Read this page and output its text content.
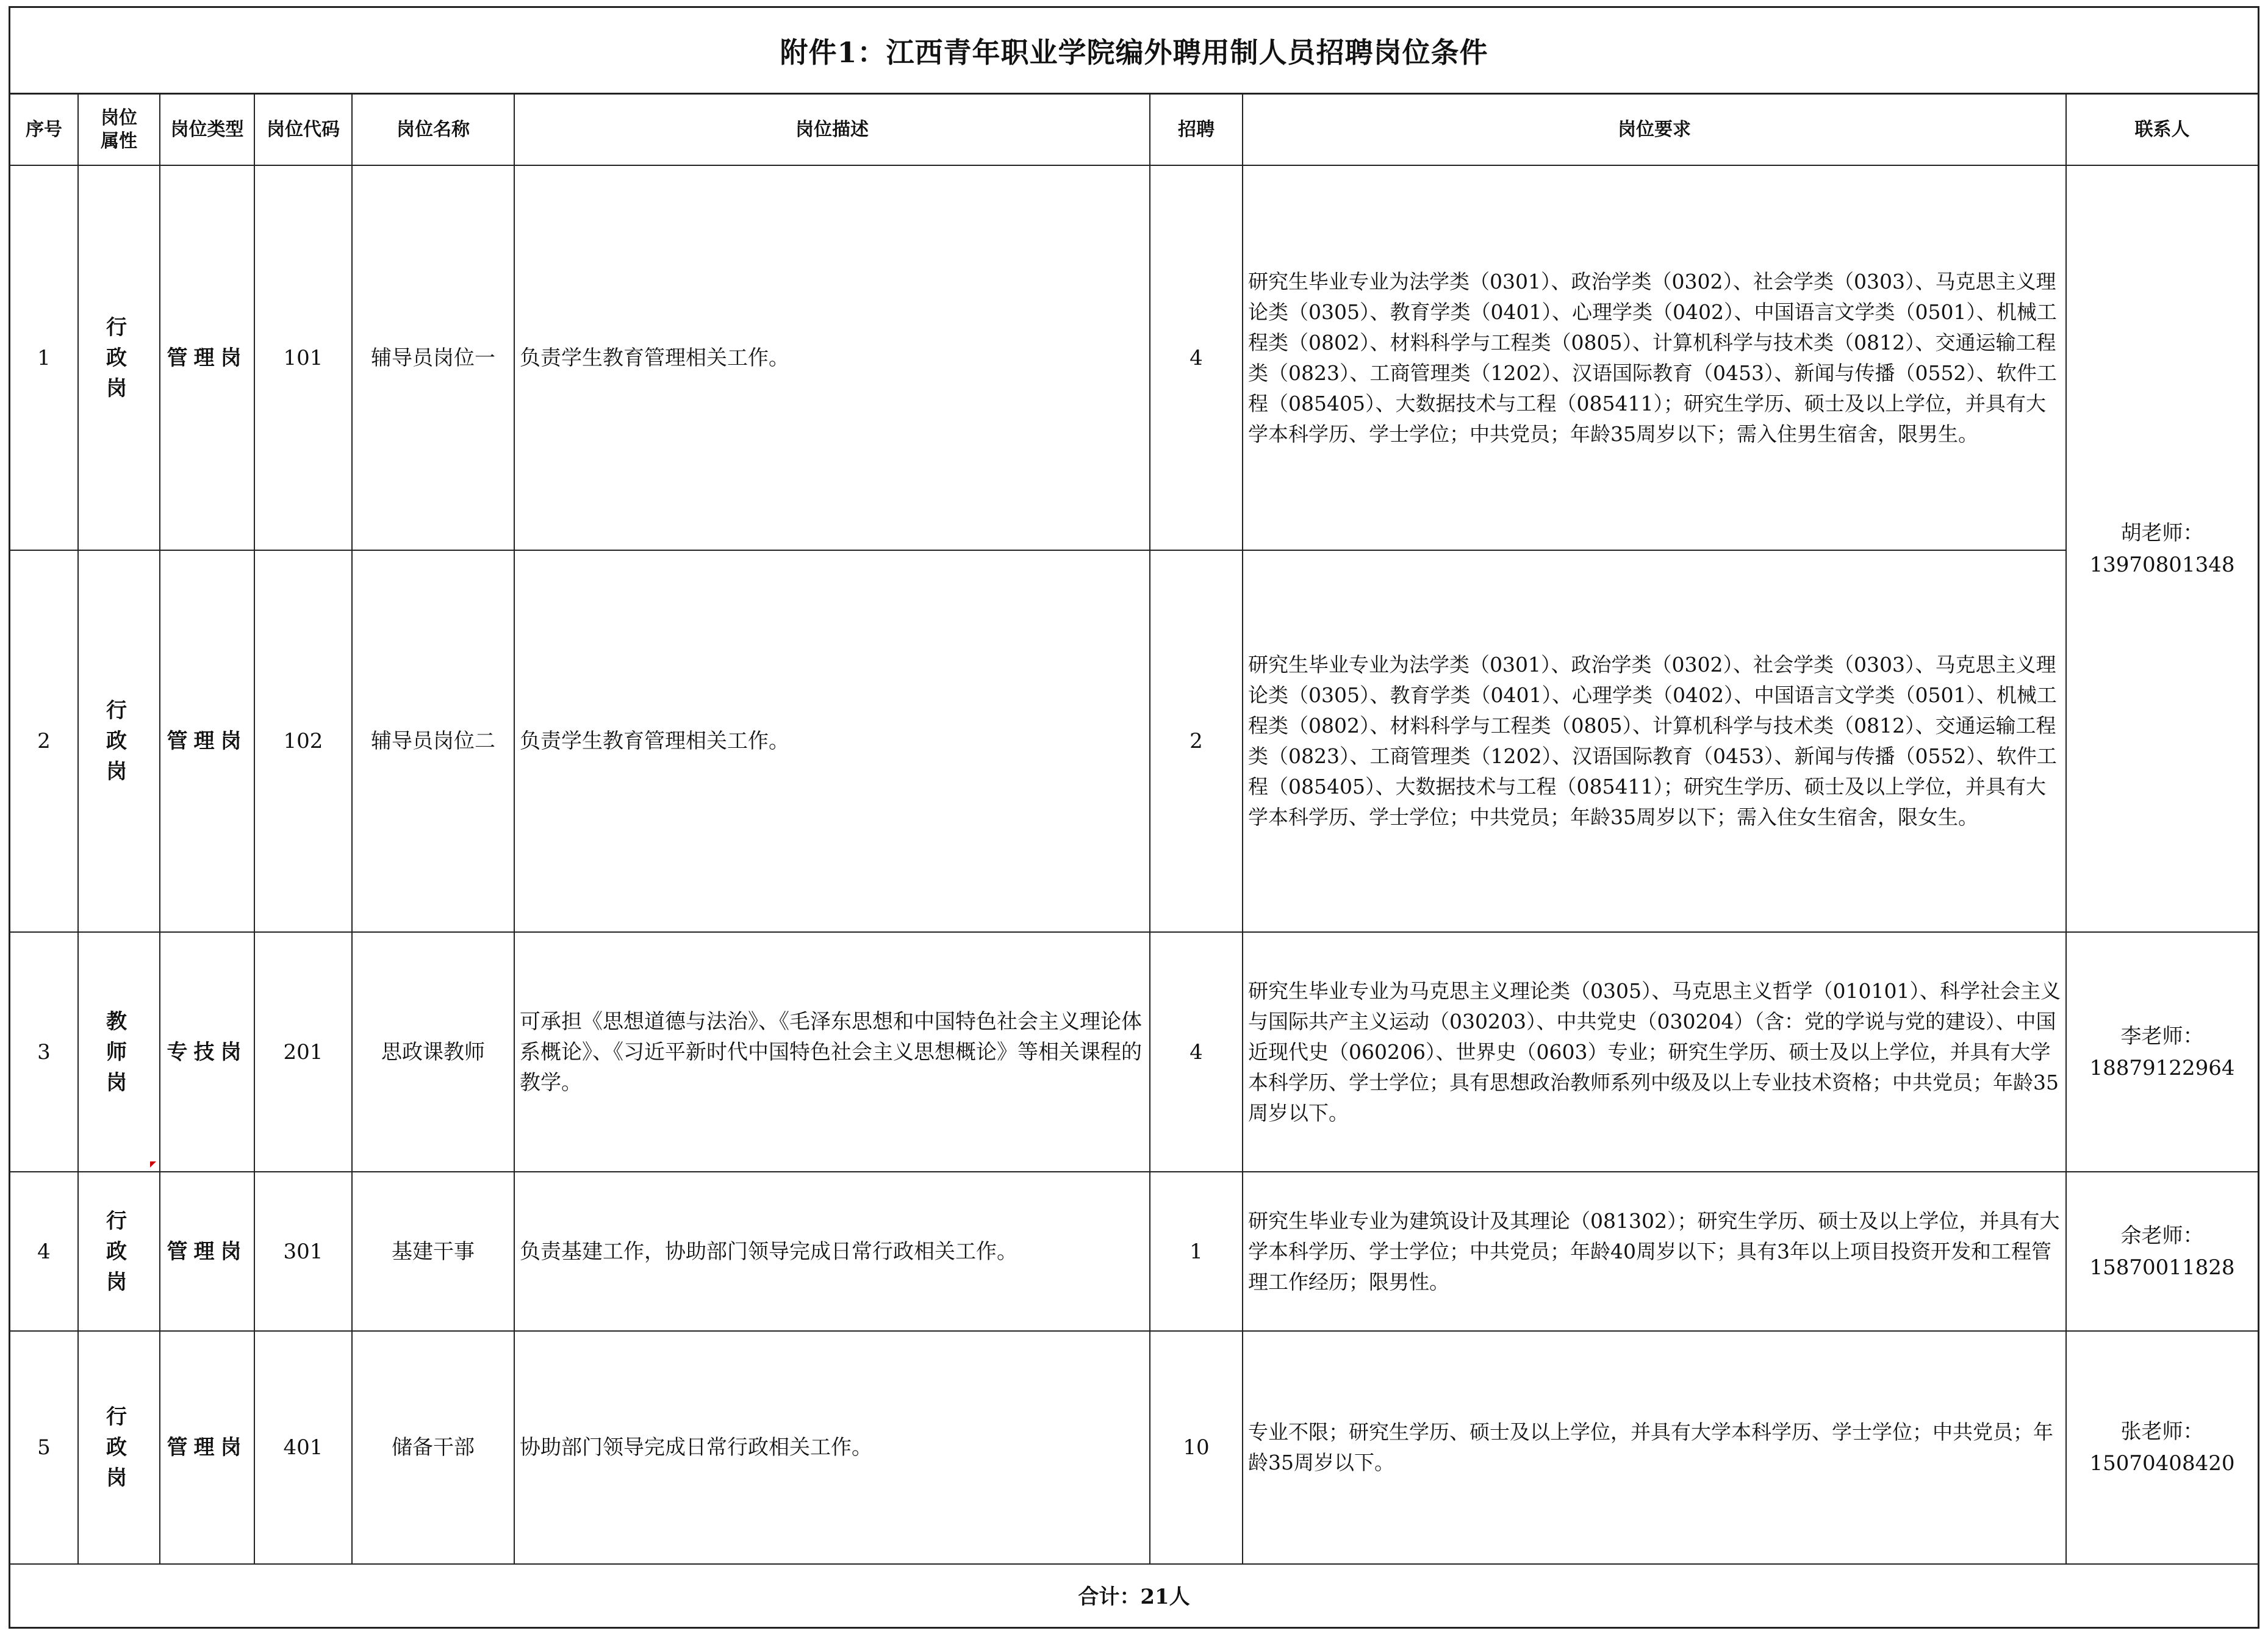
附件1：江西青年职业学院编外聘用制人员招聘岗位条件
序号	岗位属性	岗位类型	岗位代码	岗位名称	岗位描述	招聘	岗位要求	联系人
1	行政岗	管理岗	101	辅导员岗位一	负责学生教育管理相关工作。	4	研究生毕业专业为法学类（0301）、政治学类（0302）、社会学类（0303）、马克思主义理论类（0305）、教育学类（0401）、心理学类（0402）、中国语言文学类（0501）、机械工程类（0802）、材料科学与工程类（0805）、计算机科学与技术类（0812）、交通运输工程类（0823）、工商管理类（1202）、汉语国际教育（0453）、新闻与传播（0552）、软件工程（085405）、大数据技术与工程（085411）；研究生学历、硕士及以上学位，并具有大学本科学历、学士学位；中共党员；年龄35周岁以下；需入住男生宿舍，限男生。	胡老师：
13970801348

2	行政岗	管理岗	102	辅导员岗位二	负责学生教育管理相关工作。	2	研究生毕业专业为法学类（0301）、政治学类（0302）、社会学类（0303）、马克思主义理论类（0305）、教育学类（0401）、心理学类（0402）、中国语言文学类（0501）、机械工程类（0802）、材料科学与工程类（0805）、计算机科学与技术类（0812）、交通运输工程类（0823）、工商管理类（1202）、汉语国际教育（0453）、新闻与传播（0552）、软件工程（085405）、大数据技术与工程（085411）；研究生学历、硕士及以上学位，并具有大学本科学历、学士学位；中共党员；年龄35周岁以下；需入住女生宿舍，限女生。	
3	教师岗	专技岗	201	思政课教师	可承担《思想道德与法治》、《毛泽东思想和中国特色社会主义理论体系概论》、《习近平新时代中国特色社会主义思想概论》等相关课程的教学。	4	研究生毕业专业为马克思主义理论类（0305）、马克思主义哲学（010101）、科学社会主义与国际共产主义运动（030203）、中共党史（030204）（含：党的学说与党的建设）、中国近现代史（060206）、世界史（0603）专业；研究生学历、硕士及以上学位，并具有大学本科学历、学士学位；具有思想政治教师系列中级及以上专业技术资格；中共党员；年龄35周岁以下。	李老师：
18879122964

4	行政岗	管理岗	301	基建干事	负责基建工作，协助部门领导完成日常行政相关工作。	1	研究生毕业专业为建筑设计及其理论（081302）；研究生学历、硕士及以上学位，并具有大学本科学历、学士学位；中共党员；年龄40周岁以下；具有3年以上项目投资开发和工程管理工作经历；限男性。	余老师：
15870011828

5	行政岗	管理岗	401	储备干部	协助部门领导完成日常行政相关工作。	10	专业不限；研究生学历、硕士及以上学位，并具有大学本科学历、学士学位；中共党员；年龄35周岁以下。	张老师：
15070408420

合计：21人								
